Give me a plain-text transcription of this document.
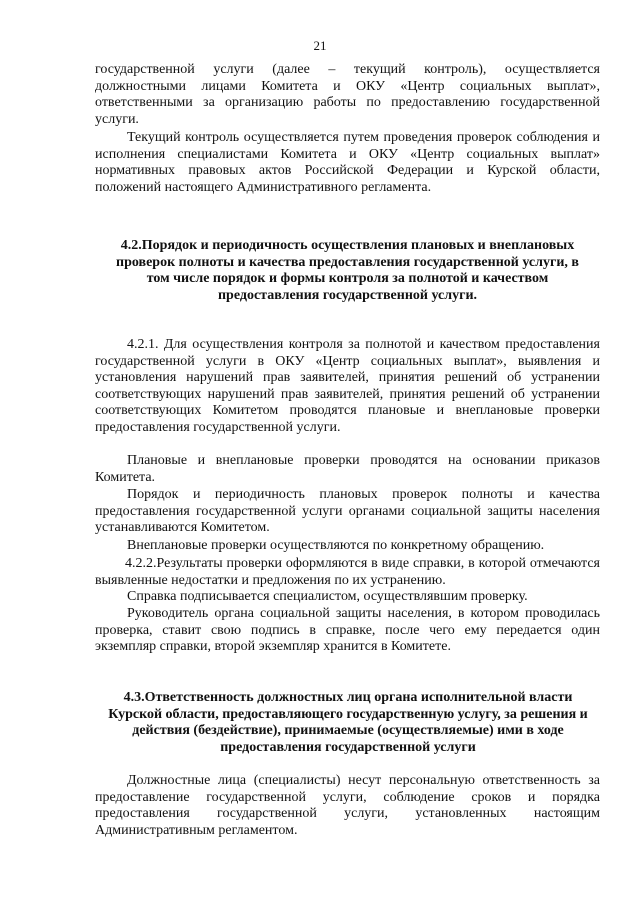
21

государственной услуги (далее – текущий контроль), осуществляется должностными лицами Комитета и ОКУ «Центр социальных выплат», ответственными за организацию работы по предоставлению государственной услуги.

Текущий контроль осуществляется путем проведения проверок соблюдения и исполнения специалистами Комитета и ОКУ «Центр социальных выплат» нормативных правовых актов Российской Федерации и Курской области, положений настоящего Административного регламента.

4.2.Порядок и периодичность осуществления плановых и внеплановых проверок полноты и качества предоставления государственной услуги, в том числе порядок и формы контроля за полнотой и качеством предоставления государственной услуги.

4.2.1. Для осуществления контроля за полнотой и качеством предоставления государственной услуги в ОКУ «Центр социальных выплат», выявления и установления нарушений прав заявителей, принятия решений об устранении соответствующих нарушений прав заявителей, принятия решений об устранении соответствующих Комитетом проводятся плановые и внеплановые проверки предоставления государственной услуги.

Плановые и внеплановые проверки проводятся на основании приказов Комитета.

Порядок и периодичность плановых проверок полноты и качества предоставления государственной услуги органами социальной защиты населения устанавливаются Комитетом.

Внеплановые проверки осуществляются по конкретному обращению.

4.2.2.Результаты проверки оформляются в виде справки, в которой отмечаются выявленные недостатки и предложения по их устранению.

Справка подписывается специалистом, осуществлявшим проверку.

Руководитель органа социальной защиты населения, в котором проводилась проверка, ставит свою подпись в справке, после чего ему передается один экземпляр справки, второй экземпляр хранится в Комитете.

4.3.Ответственность должностных лиц органа исполнительной власти Курской области, предоставляющего государственную услугу, за решения и действия (бездействие), принимаемые (осуществляемые) ими в ходе предоставления государственной услуги

Должностные лица (специалисты) несут персональную ответственность за предоставление государственной услуги, соблюдение сроков и порядка предоставления государственной услуги, установленных настоящим Административным регламентом.
